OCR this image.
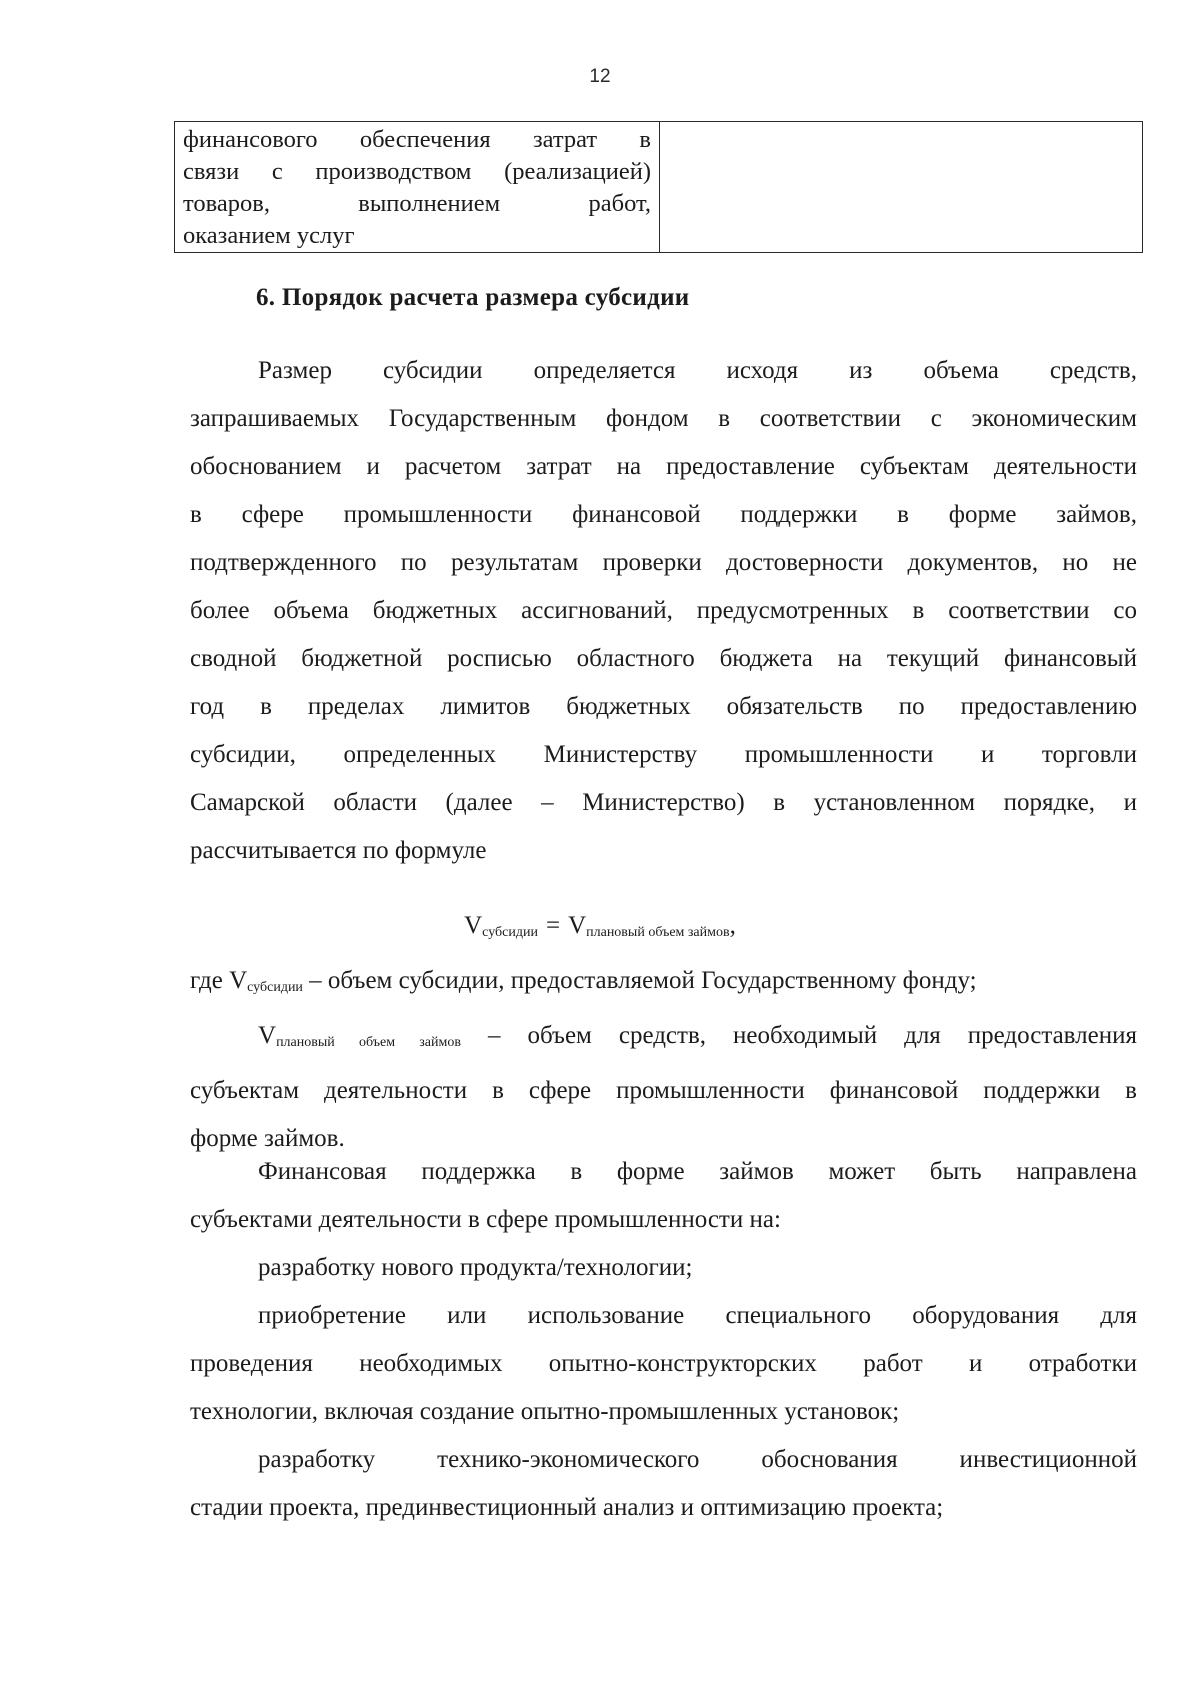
12
финансового обеспечения затрат в
связи с производством (реализацией)
товаров, выполнением работ,
оказанием услуг

6. Порядок расчета размера субсидии
Размер субсидии определяется исходя из объема средств,
запрашиваемых Государственным фондом в соответствии с экономическим
обоснованием и расчетом затрат на предоставление субъектам деятельности
в сфере промышленности финансовой поддержки в форме займов,
подтвержденного по результатам проверки достоверности документов, но не
более объема бюджетных ассигнований, предусмотренных в соответствии со
сводной бюджетной росписью областного бюджета на текущий финансовый
год в пределах лимитов бюджетных обязательств по предоставлению
субсидии, определенных Министерству промышленности и торговли
Самарской области (далее – Министерство) в установленном порядке, и
рассчитывается по формуле

$V_{субсидии} = V_{плановый объем займов}$,

где $V_{субсидии}$ – объем субсидии, предоставляемой Государственному фонду;
$V_{плановый объем займов}$ – объем средств, необходимый для предоставления
субъектам деятельности в сфере промышленности финансовой поддержки в
форме займов.
Финансовая поддержка в форме займов может быть направлена
субъектами деятельности в сфере промышленности на:
разработку нового продукта/технологии;
приобретение или использование специального оборудования для
проведения необходимых опытно-конструкторских работ и отработки
технологии, включая создание опытно-промышленных установок;
разработку технико-экономического обоснования инвестиционной
стадии проекта, прединвестиционный анализ и оптимизацию проекта;
